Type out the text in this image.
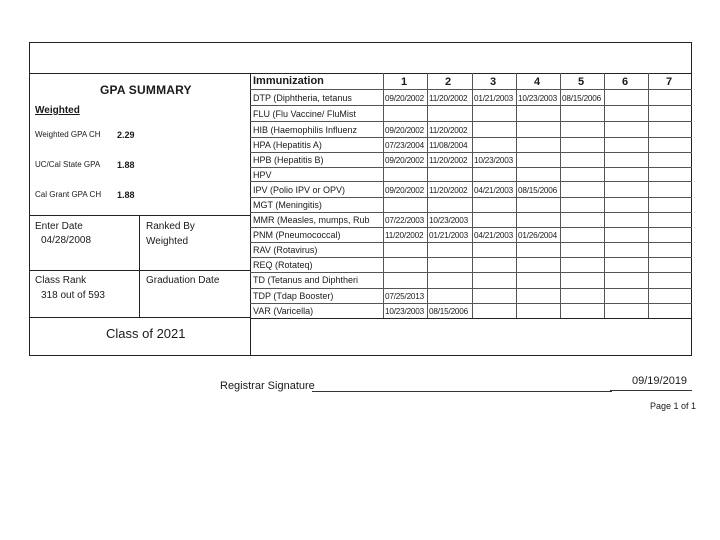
GPA SUMMARY
Weighted
Weighted GPA CH 2.29
UC/Cal State GPA 1.88
Cal Grant GPA CH 1.88
Enter Date
04/28/2008
Ranked By
Weighted
Class Rank
318 out of 593
Graduation Date
Class of 2021
Immunization	1	2	3	4	5	6	7
DTP (Diphtheria, tetanus	09/20/2002 11/20/2002 01/21/2003 10/23/2003 08/15/2006
FLU (Flu Vaccine/ FluMist
HIB (Haemophilis Influenz	09/20/2002 11/20/2002
HPA (Hepatitis A)	07/23/2004 11/08/2004
HPB (Hepatitis B)	09/20/2002 11/20/2002 10/23/2003
HPV
IPV (Polio IPV or OPV)	09/20/2002 11/20/2002 04/21/2003 08/15/2006
MGT (Meningitis)
MMR (Measles, mumps, Rub 07/22/2003 10/23/2003
PNM (Pneumococcal)	11/20/2002 01/21/2003 04/21/2003 01/26/2004
RAV (Rotavirus)
REQ (Rotateq)
TD (Tetanus and Diphtheri
TDP (Tdap Booster)	07/25/2013
VAR (Varicella)	10/23/2003 08/15/2006
Registrar Signature	09/19/2019
Page 1 of 1
